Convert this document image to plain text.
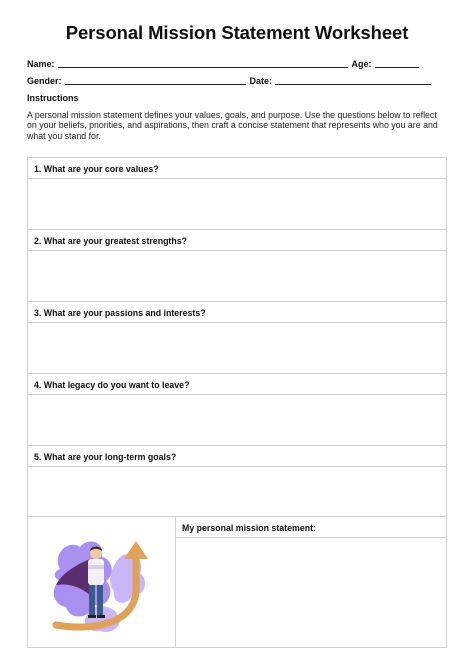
Personal Mission Statement Worksheet
Name:	Age:
Gender:	Date:
Instructions
A personal mission statement defines your values, goals, and purpose. Use the questions below to reflect on your beliefs, priorities, and aspirations, then craft a concise statement that represents who you are and what you stand for.
1. What are your core values?
2. What are your greatest strengths?
3. What are your passions and interests?
4. What legacy do you want to leave?
5. What are your long-term goals?
My personal mission statement:
